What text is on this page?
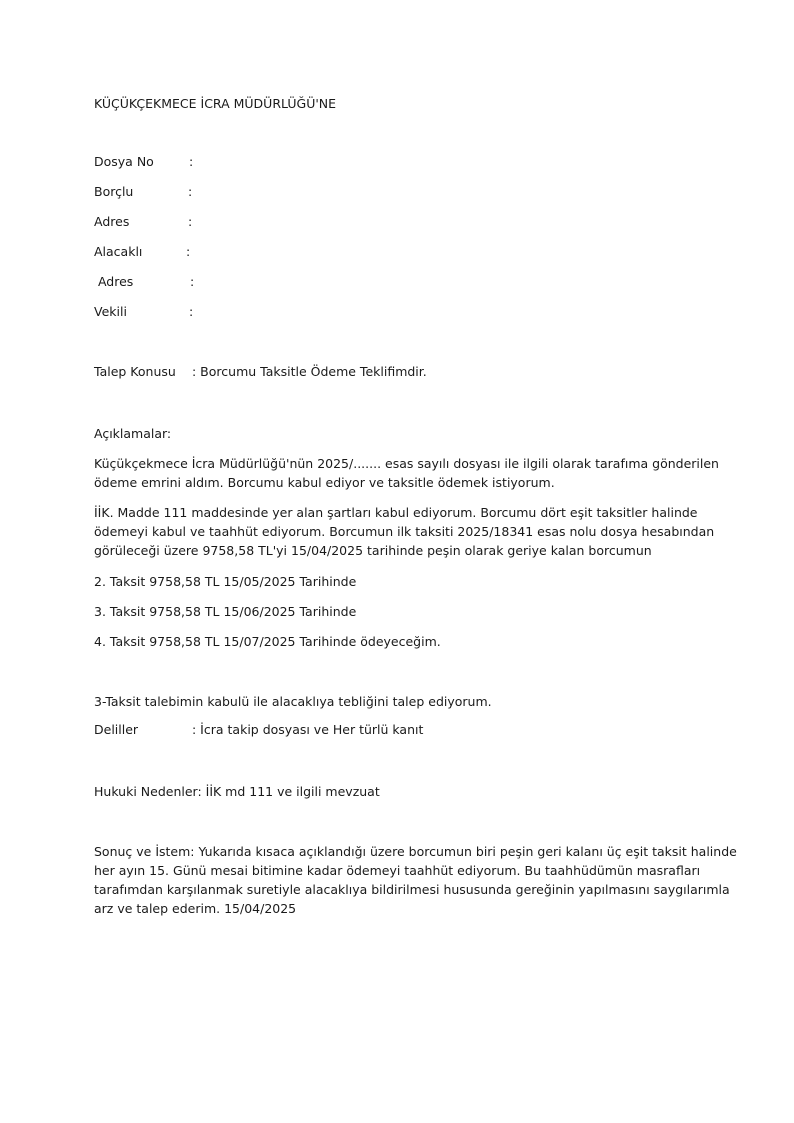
KÜÇÜKÇEKMECE İCRA MÜDÜRLÜĞÜ'NE
Dosya No	:
Borçlu	:
Adres	:
Alacaklı	:
Adres	:
Vekili	:
Talep Konusu : Borcumu Taksitle Ödeme Teklifimdir.
Açıklamalar:
Küçükçekmece İcra Müdürlüğü'nün 2025/....... esas sayılı dosyası ile ilgili olarak tarafıma gönderilen
ödeme emrini aldım. Borcumu kabul ediyor ve taksitle ödemek istiyorum.
İİK. Madde 111 maddesinde yer alan şartları kabul ediyorum. Borcumu dört eşit taksitler halinde
ödemeyi kabul ve taahhüt ediyorum. Borcumun ilk taksiti 2025/18341 esas nolu dosya hesabından
görüleceği üzere 9758,58 TL'yi 15/04/2025 tarihinde peşin olarak geriye kalan borcumun
2. Taksit 9758,58 TL 15/05/2025 Tarihinde
3. Taksit 9758,58 TL 15/06/2025 Tarihinde
4. Taksit 9758,58 TL 15/07/2025 Tarihinde ödeyeceğim.
3-Taksit talebimin kabulü ile alacaklıya tebliğini talep ediyorum.
Deliller	: İcra takip dosyası ve Her türlü kanıt
Hukuki Nedenler: İİK md 111 ve ilgili mevzuat
Sonuç ve İstem: Yukarıda kısaca açıklandığı üzere borcumun biri peşin geri kalanı üç eşit taksit halinde
her ayın 15. Günü mesai bitimine kadar ödemeyi taahhüt ediyorum. Bu taahhüdümün masrafları
tarafımdan karşılanmak suretiyle alacaklıya bildirilmesi hususunda gereğinin yapılmasını saygılarımla
arz ve talep ederim. 15/04/2025
